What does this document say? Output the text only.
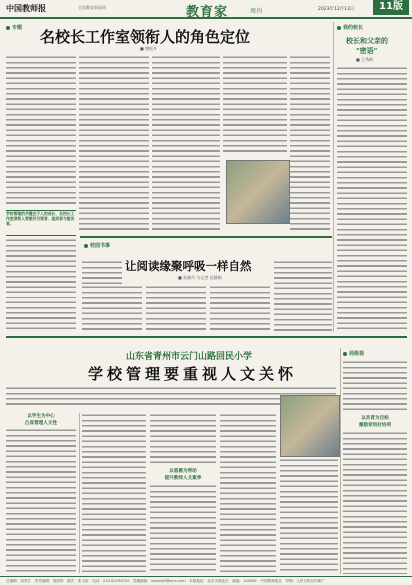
中国教师报	全国教育新闻网	教育家	周刊	2023年12月13日	11版
专题 名校长工作室领衔人的角色定位
■ 傅松开
学校管理的关键在于人的成长，名校长工作室领衔人要做好引领者、组织者与服务者。
我的校长
校长和父亲的
"密语"
■ 王秀梅
校园书事
让阅读缘聚呼吸一样自然
■ 朱晓丹 与记者 范静娟
山东省青州市云门山路回民小学
学校管理要重视人文关怀
局级视
以学生为中心
凸显管理人文性
以恩惠为带动
提升教师人文素养
以共育为目标
激励家校社协同
总编辑：刘堂江　责任编辑：倪婷婷　版式：张玉娇　电话：010-82296720　投稿邮箱：xxxsdjcf@sina.com　本版地址：北京市海淀区　邮编：100082　中国教师报社　印刷：人民日报社印刷厂
